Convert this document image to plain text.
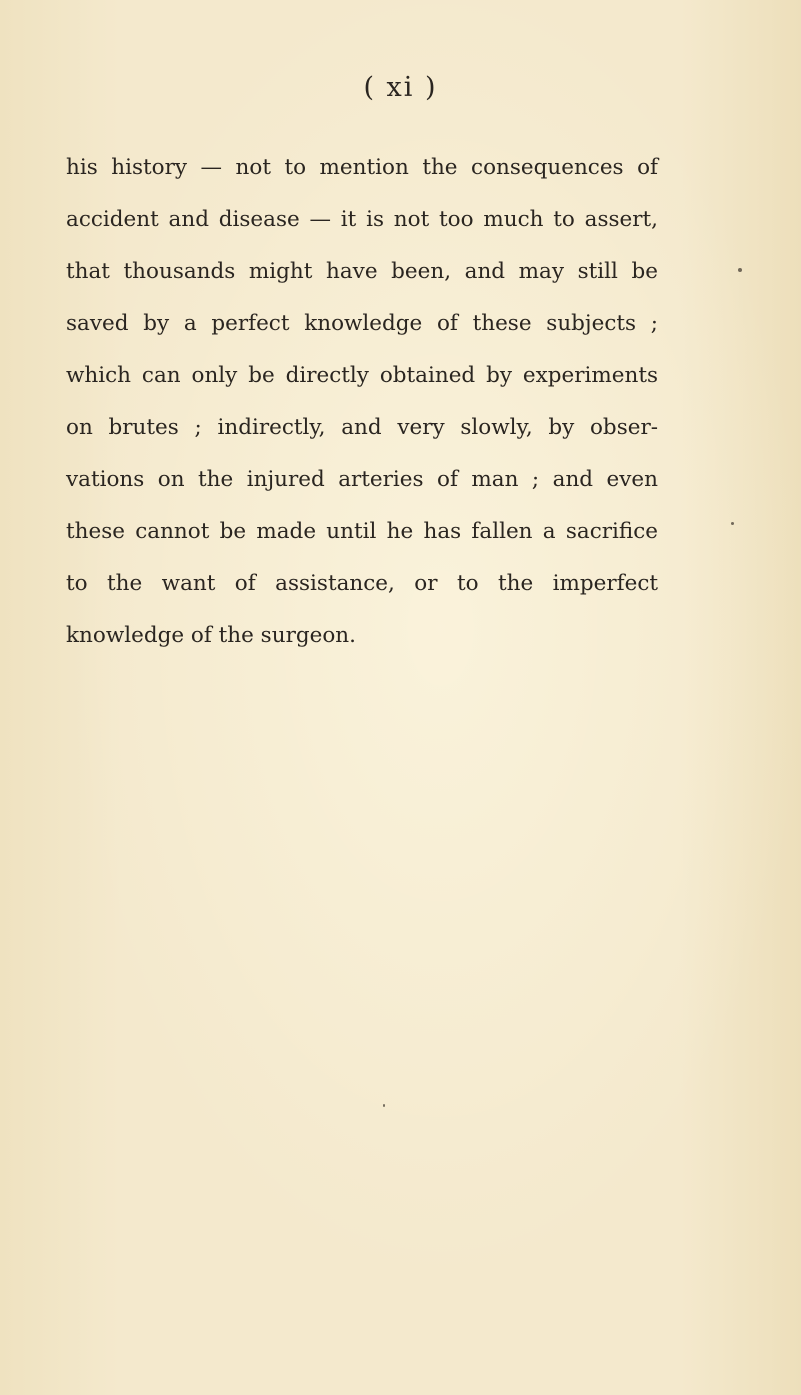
( xi )
his history — not to mention the consequences of
accident and disease — it is not too much to assert,
that thousands might have been, and may still be
saved by a perfect knowledge of these subjects ;
which can only be directly obtained by experiments
on brutes ; indirectly, and very slowly, by obser-
vations on the injured arteries of man ; and even
these cannot be made until he has fallen a sacrifice
to the want of assistance, or to the imperfect
knowledge of the surgeon.
